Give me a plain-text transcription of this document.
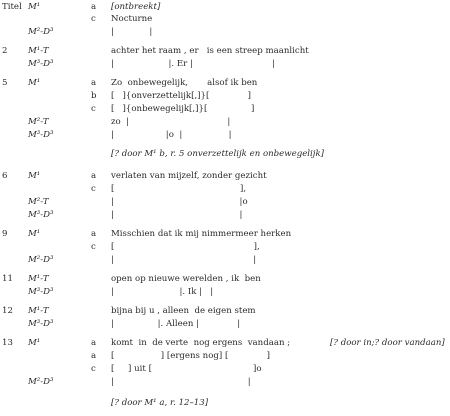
Titel M¹	a [ontbreekt]
c Nocturne
M²-D³	|             |
2 M¹-T	achter het raam , er   is een streep maanlicht
M³-D³	|                    |. Er |                             |
5 M¹	a Zo  onbewegelijk,       alsof ik ben
b [   ]{onverzettelijk[,]}[              ]
c [   ]{onbewegelijk[,]}[                ]
M²-T	zo  |                                    |
M³-D³	|                   |o  |                 |
[? door M¹ b, r. 5 onverzettelijk en onbewegelijk]
6 M¹	a verlaten van mijzelf, zonder gezicht
c [                                              ],
M²-T	|                                              |o
M³-D³	|                                              |
9 M¹	a Misschien dat ik mij nimmermeer herken
c [                                                   ],
M²-D³	|                                                   |
11 M¹-T	open op nieuwe werelden , ik  ben
M³-D³	|                        |. Ik |   |
12 M¹-T	bijna bij u , alleen  de eigen stem
M³-D³	|                |. Alleen |              |
13 M¹	a komt  in  de verte  nog ergens  vandaan ;	[? door in;? door vandaan]
a [                 ] [ergens nog] [              ]
c [     ] uit [                                     ]o
M²-D³	|                                                 |
[? door M¹ a, r. 12–13]
